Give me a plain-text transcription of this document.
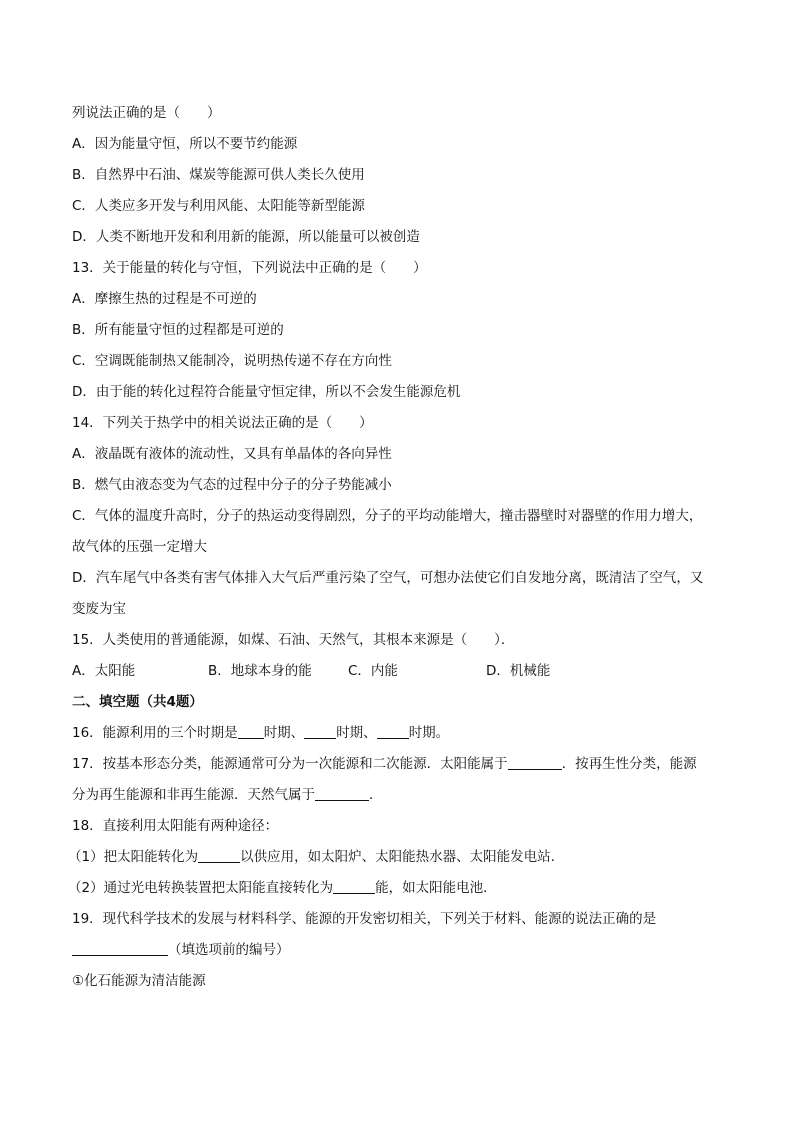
列说法正确的是（　　）
A．因为能量守恒，所以不要节约能源
B．自然界中石油、煤炭等能源可供人类长久使用
C．人类应多开发与利用风能、太阳能等新型能源
D．人类不断地开发和利用新的能源，所以能量可以被创造
13．关于能量的转化与守恒，下列说法中正确的是（　　）
A．摩擦生热的过程是不可逆的
B．所有能量守恒的过程都是可逆的
C．空调既能制热又能制冷，说明热传递不存在方向性
D．由于能的转化过程符合能量守恒定律，所以不会发生能源危机
14．下列关于热学中的相关说法正确的是（　　）
A．液晶既有液体的流动性，又具有单晶体的各向异性
B．燃气由液态变为气态的过程中分子的分子势能减小
C．气体的温度升高时，分子的热运动变得剧烈，分子的平均动能增大，撞击器壁时对器壁的作用力增大，
故气体的压强一定增大
D．汽车尾气中各类有害气体排入大气后严重污染了空气，可想办法使它们自发地分离，既清洁了空气，又
变废为宝
15．人类使用的普通能源，如煤、石油、天然气，其根本来源是（　　）．
A．太阳能	B．地球本身的能	C．内能	D．机械能
二、填空题（共4题）
16．能源利用的三个时期是 时期、 时期、 时期。
17．按基本形态分类，能源通常可分为一次能源和二次能源．太阳能属于	．按再生性分类，能源
分为再生能源和非再生能源．天然气属于	．
18．直接利用太阳能有两种途径：
（1）把太阳能转化为	以供应用，如太阳炉、太阳能热水器、太阳能发电站.
（2）通过光电转换装置把太阳能直接转化为	能，如太阳能电池.
19．现代科学技术的发展与材料科学、能源的开发密切相关，下列关于材料、能源的说法正确的是
（填选项前的编号）
①化石能源为清洁能源
